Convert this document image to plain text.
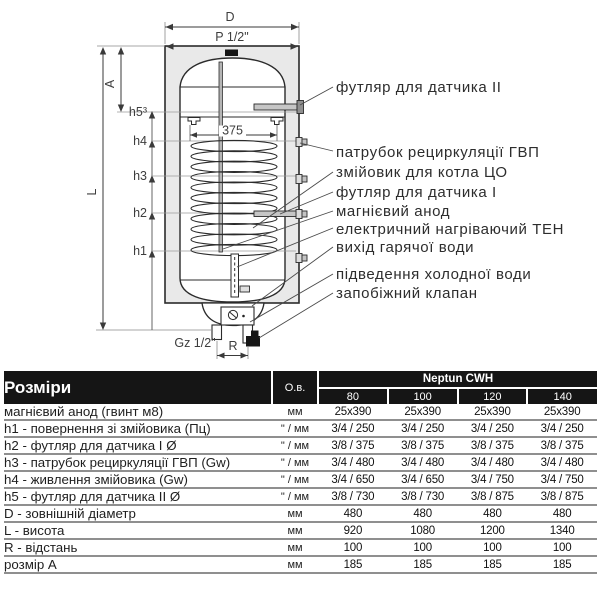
375
D
P 1/2"
L
A
h5³
h4
h3
h2
h1
Gz 1/2" R
футляр для датчика II
патрубок рециркуляції ГВП
змійовик для котла ЦО
футляр для датчика I
магнієвий анод
електричний нагріваючий ТЕН
вихід гарячої води
підведення холодної води
запобіжний клапан
Розміри	О.в.	Neptun CWH			
		80	100	120	140
магнієвий анод (гвинт м8)	мм	25x390	25x390	25x390	25x390
h1 - повернення зі змійовика (Пц)	" / мм	3/4 / 250	3/4 / 250	3/4 / 250	3/4 / 250
h2 - футляр для датчика I Ø	" / мм	3/8 / 375	3/8 / 375	3/8 / 375	3/8 / 375
h3 - патрубок рециркуляції ГВП (Gw)	" / мм	3/4 / 480	3/4 / 480	3/4 / 480	3/4 / 480
h4 - живлення змійовика (Gw)	" / мм	3/4 / 650	3/4 / 650	3/4 / 750	3/4 / 750
h5 - футляр для датчика II Ø	" / мм	3/8 / 730	3/8 / 730	3/8 / 875	3/8 / 875
D - зовнішній діаметр	мм	480	480	480	480
L - висота	мм	920	1080	1200	1340
R - відстань	мм	100	100	100	100
розмір A	мм	185	185	185	185
